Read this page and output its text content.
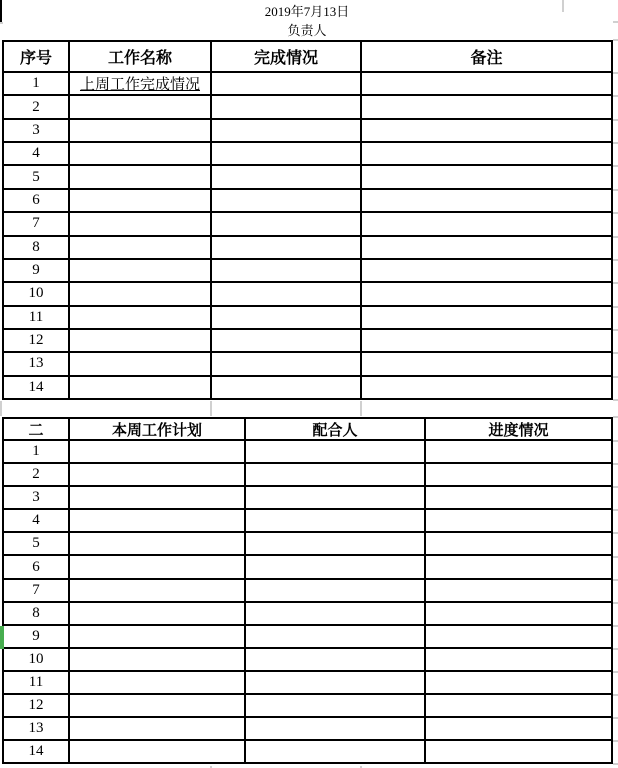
2019年7月13日
负责人
序号	工作名称	完成情况	备注
1	上周工作完成情况
2
3
4
5
6
7
8
9
10
11
12
13
14
二	本周工作计划	配合人	进度情况
1
2
3
4
5
6
7
8
9
10
11
12
13
14
